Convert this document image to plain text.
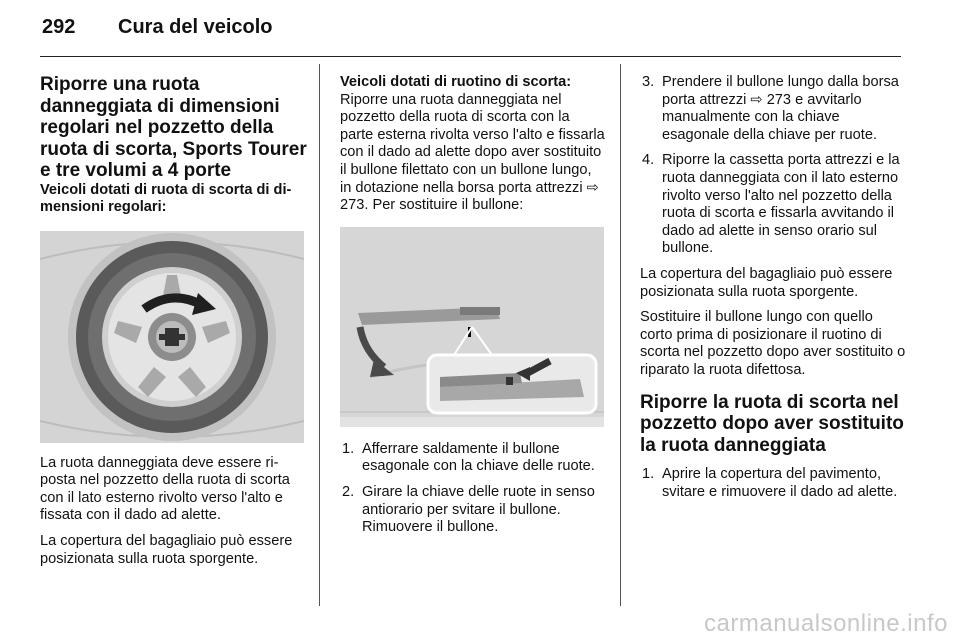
292 Cura del veicolo
Riporre una ruota danneggiata di dimensioni regolari nel pozzetto della ruota di scorta, Sports Tourer e tre volumi a 4 porte
Veicoli dotati di ruota di scorta di dimensioni regolari:

La ruota danneggiata deve essere riposta nel pozzetto della ruota di scorta con il lato esterno rivolto verso l'alto e fissata con il dado ad alette.

La copertura del bagagliaio può essere posizionata sulla ruota sporgente.

Veicoli dotati di ruotino di scorta:
Riporre una ruota danneggiata nel pozzetto della ruota di scorta con la parte esterna rivolta verso l'alto e fissarla con il dado ad alette dopo aver sostituito il bullone filettato con un bullone lungo, in dotazione nella borsa porta attrezzi ⇨ 273. Per sostituire il bullone:
1. Afferrare saldamente il bullone esagonale con la chiave delle ruote.
2. Girare la chiave delle ruote in senso antiorario per svitare il bullone. Rimuovere il bullone.
3. Prendere il bullone lungo dalla borsa porta attrezzi ⇨ 273 e avvitarlo manualmente con la chiave esagonale della chiave per ruote.
4. Riporre la cassetta porta attrezzi e la ruota danneggiata con il lato esterno rivolto verso l'alto nel pozzetto della ruota di scorta e fissarla avvitando il dado ad alette in senso orario sul bullone.

La copertura del bagagliaio può essere posizionata sulla ruota sporgente.

Sostituire il bullone lungo con quello corto prima di posizionare il ruotino di scorta nel pozzetto dopo aver sostituito o riparato la ruota difettosa.

Riporre la ruota di scorta nel pozzetto dopo aver sostituito la ruota danneggiata
1. Aprire la copertura del pavimento, svitare e rimuovere il dado ad alette.
carmanualsonline.info
